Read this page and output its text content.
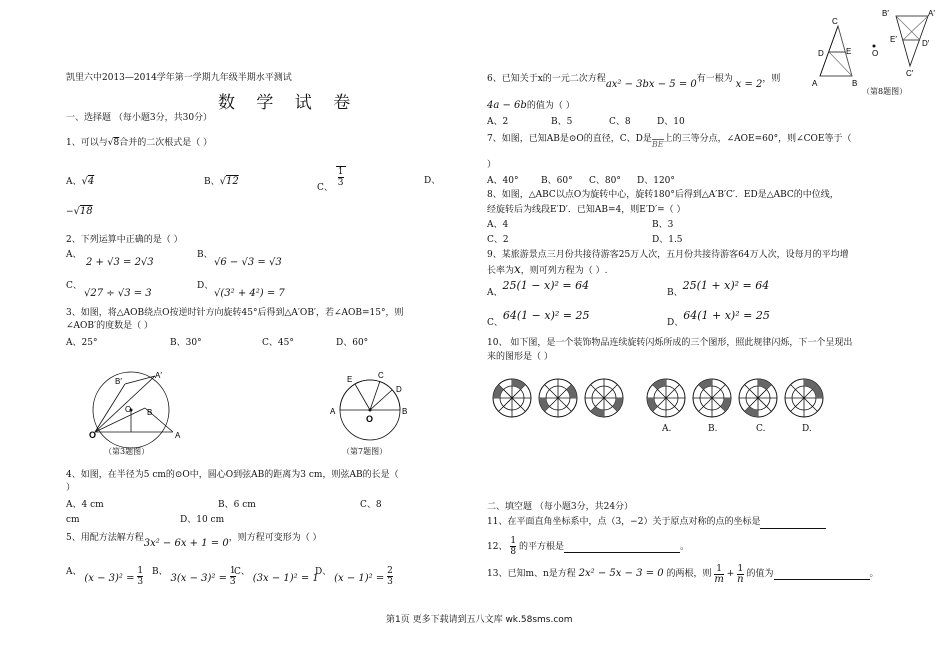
凯里六中2013—2014学年第一学期九年级半期水平测试
数 学 试 卷
一、选择题 （每小题3分，共30分）
1、可以与√8合并的二次根式是（ ）
A、√4	B、√12
C、 $\frac{1}{3}$	D、
−√18
2、下列运算中正确的是（ ）
A、
2 + √3 = 2√3
B、
√6 − √3 = √3
C、
√27 ÷ √3 = 3
D、
√(3² + 4²) = 7
3、如图，将△AOB绕点O按逆时针方向旋转45°后得到△A′OB′，若∠AOB=15°，则
∠AOB′的度数是（ ）
A、25°	B、30°	C、45°	D、60°
A′
B′
O B
A
O
（第3题图）
E	C
D
A	B
O
（第7题图）
4、如图，在半径为5 cm的⊙O中，圆心O到弦AB的距离为3 cm，则弦AB的长是（
）
A、4 cm	B、6 cm	C、8
cm	D、10 cm
5、用配方法解方程3x² − 6x + 1 = 0，则方程可变形为（ ）
A、 $(x - 3)^2 = \frac{1}{3}$ B、 $3(x - 3)^2 = \frac{1}{3}$
C、 (3x − 1)² = 1
D、 $(x - 1)^2 = \frac{2}{3}$
C
D	E
A	B
O
B′	A′
E′	D′
C′
（第8题图）
6、已知关于x的一元二次方程ax² − 3bx − 5 = 0有一根为 x = 2，则
4a − 6b的值为（ ）
A、2	B、5	C、8	D、10
7、如图，已知AB是⊙O的直径，C、D是BE上的三等分点，∠AOE=60°，则∠COE等于（
）
A、40°	B、60° C、80° D、120°
8、如图，△ABC以点O为旋转中心，旋转180°后得到△A′B′C′．ED是△ABC的中位线，
经旋转后为线段E′D′．已知AB=4，则E′D′=（ ）
A、4	B、3
C、2	D、1.5
9、某旅游景点三月份共接待游客25万人次，五月份共接待游客64万人次，设每月的平均增
长率为x，则可列方程为（ ）.
A、25(1 − x)² = 64
B、25(1 + x)² = 64
C、64(1 − x)² = 25
D、64(1 + x)² = 25
10、 如下图，是一个装饰物品连续旋转闪烁所成的三个图形，照此规律闪烁，下一个呈现出
来的图形是（ ）
A.	B.	C.	D.
二、填空题 （每小题3分，共24分）
11、在平面直角坐标系中，点（3，−2）关于原点对称的点的坐标是
12、 $\frac{1}{8}$ 的平方根是	。
13、已知m、n是方程 2x² − 5x − 3 = 0 的两根，则 $\frac{1}{m} + \frac{1}{n}$ 的值为	。
第1页 更多下载请到五八文库 wk.58sms.com
